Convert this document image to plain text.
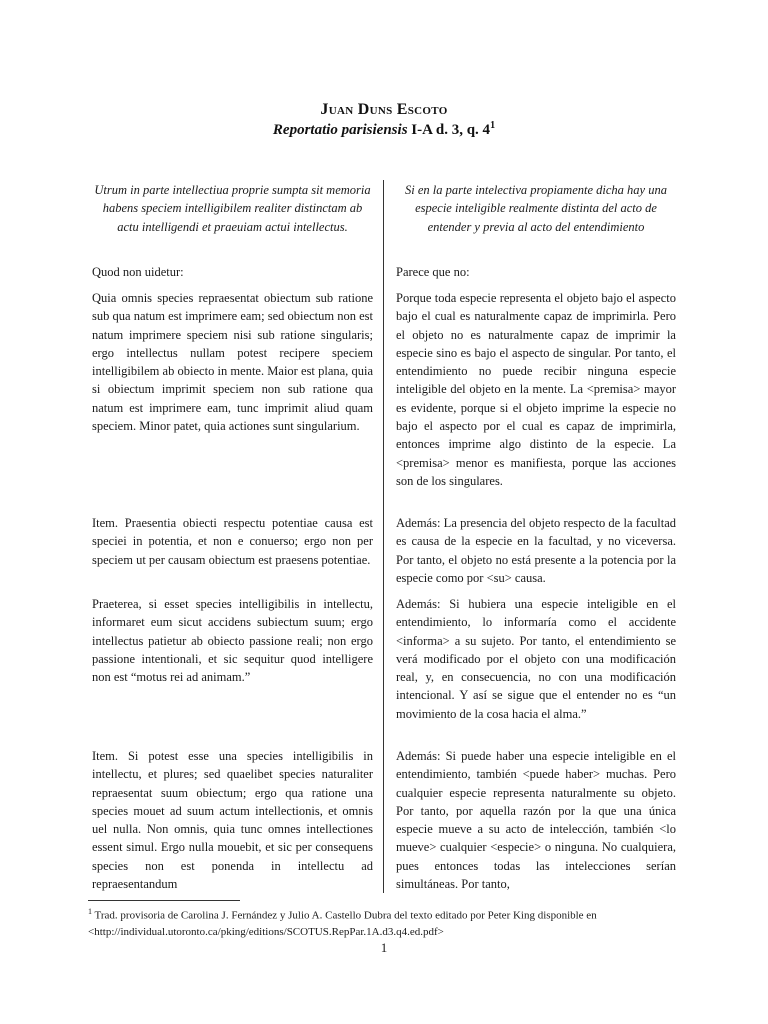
Juan Duns Escoto
Reportatio parisiensis I-A d. 3, q. $4^1$
Utrum in parte intellectiua proprie sumpta sit memoria habens speciem intelligibilem realiter distinctam ab actu intelligendi et praeuiam actui intellectus.
Quod non uidetur:
Quia omnis species repraesentat obiectum sub ratione sub qua natum est imprimere eam; sed obiectum non est natum imprimere speciem nisi sub ratione singularis; ergo intellectus nullam potest recipere speciem intelligibilem ab obiecto in mente. Maior est plana, quia si obiectum imprimit speciem non sub ratione qua natum est imprimere eam, tunc imprimit aliud quam speciem. Minor patet, quia actiones sunt singularium.
Item. Praesentia obiecti respectu potentiae causa est speciei in potentia, et non e conuerso; ergo non per speciem ut per causam obiectum est praesens potentiae.
Praeterea, si esset species intelligibilis in intellectu, informaret eum sicut accidens subiectum suum; ergo intellectus patietur ab obiecto passione reali; non ergo passione intentionali, et sic sequitur quod intelligere non est “motus rei ad animam.”
Item. Si potest esse una species intelligibilis in intellectu, et plures; sed quaelibet species naturaliter repraesentat suum obiectum; ergo qua ratione una species mouet ad suum actum intellectionis, et omnis uel nulla. Non omnis, quia tunc omnes intellectiones essent simul. Ergo nulla mouebit, et sic per consequens species non est ponenda in intellectu ad repraesentandum
Si en la parte intelectiva propiamente dicha hay una especie inteligible realmente distinta del acto de entender y previa al acto del entendimiento
Parece que no:
Porque toda especie representa el objeto bajo el aspecto bajo el cual es naturalmente capaz de imprimirla. Pero el objeto no es naturalmente capaz de imprimir la especie sino es bajo el aspecto de singular. Por tanto, el entendimiento no puede recibir ninguna especie inteligible del objeto en la mente. La <premisa> mayor es evidente, porque si el objeto imprime la especie no bajo el aspecto por el cual es capaz de imprimirla, entonces imprime algo distinto de la especie. La <premisa> menor es manifiesta, porque las acciones son de los singulares.
Además: La presencia del objeto respecto de la facultad es causa de la especie en la facultad, y no viceversa. Por tanto, el objeto no está presente a la potencia por la especie como por <su> causa.
Además: Si hubiera una especie inteligible en el entendimiento, lo informaría como el accidente <informa> a su sujeto. Por tanto, el entendimiento se verá modificado por el objeto con una modificación real, y, en consecuencia, no con una modificación intencional. Y así se sigue que el entender no es “un movimiento de la cosa hacia el alma.”
Además: Si puede haber una especie inteligible en el entendimiento, también <puede haber> muchas. Pero cualquier especie representa naturalmente su objeto. Por tanto, por aquella razón por la que una única especie mueve a su acto de intelección, también <lo mueve> cualquier <especie> o ninguna. No cualquiera, pues entonces todas las intelecciones serían simultáneas. Por tanto,
$^1$ Trad. provisoria de Carolina J. Fernández y Julio A. Castello Dubra del texto editado por Peter King disponible en
<http://individual.utoronto.ca/pking/editions/SCOTUS.RepPar.1A.d3.q4.ed.pdf>
1
